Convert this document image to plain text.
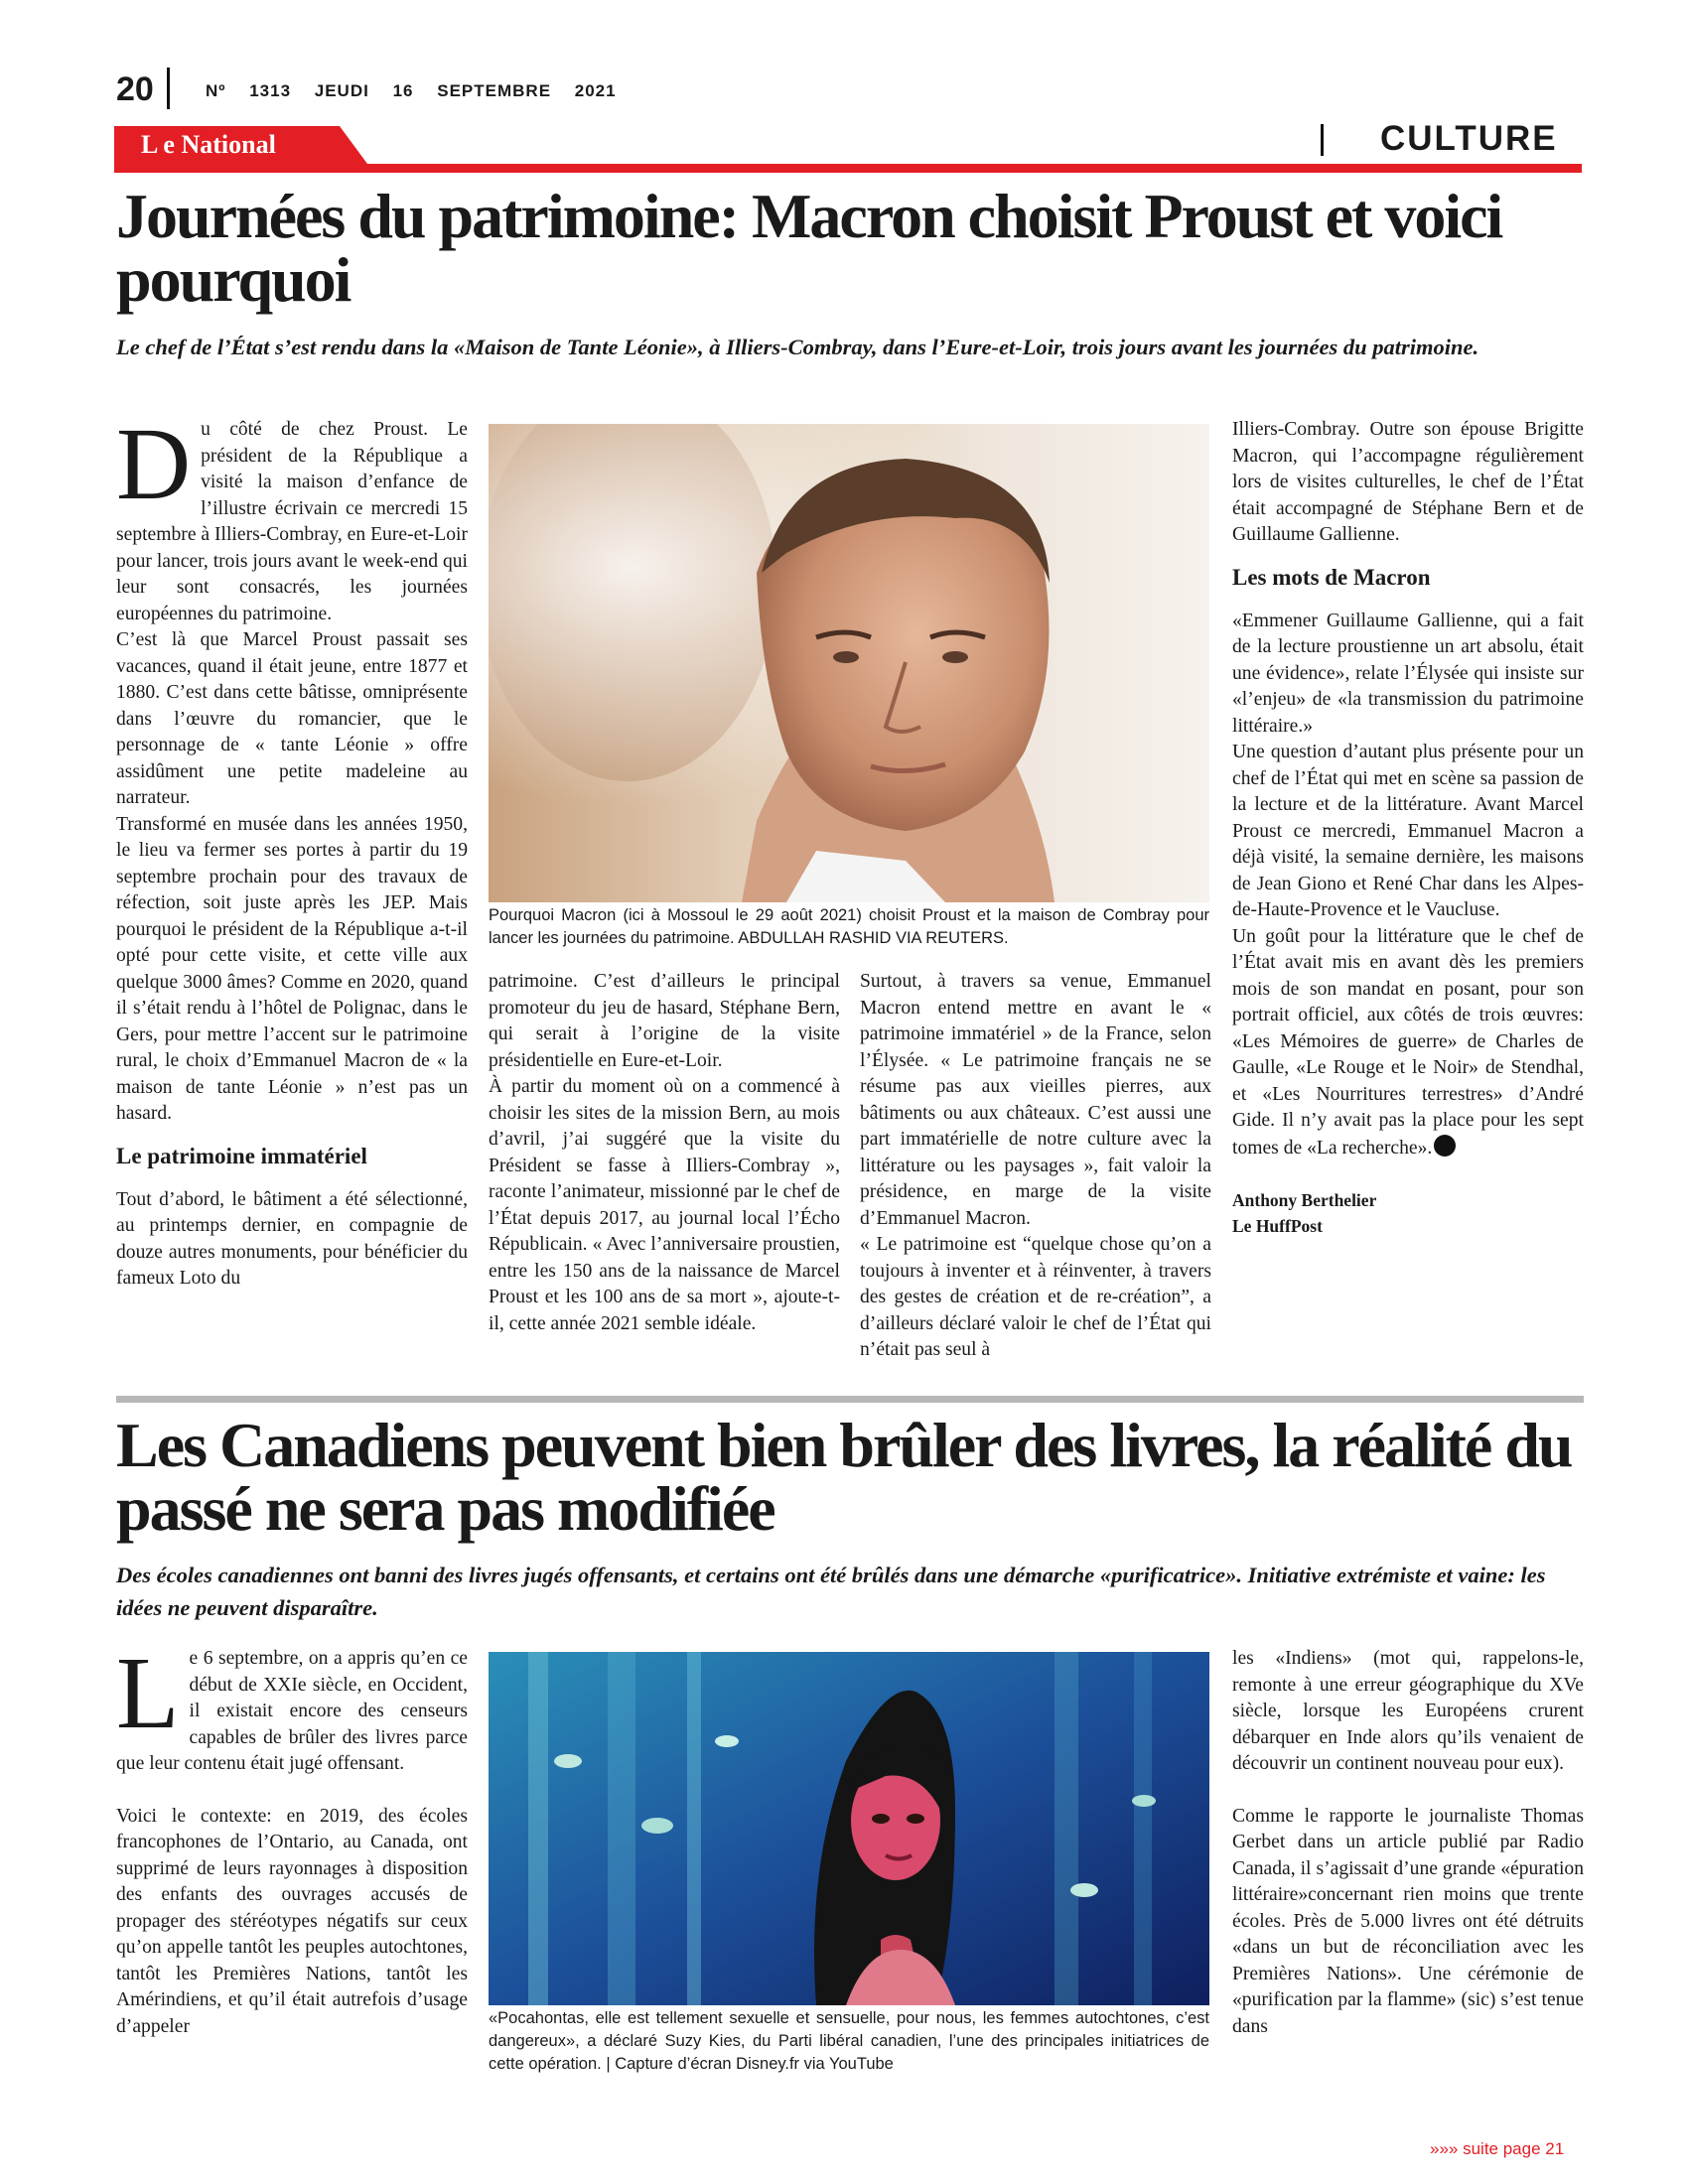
20	Nº 1313 JEUDI 16 SEPTEMBRE 2021
L e National	CULTURE
Journées du patrimoine: Macron choisit Proust et voici pourquoi
Le chef de l’État s’est rendu dans la «Maison de Tante Léonie», à Illiers-Combray, dans l’Eure-et-Loir, trois jours avant les journées du patrimoine.

Du côté de chez Proust. Le président de la République a visité la maison d’enfance de l’illustre écrivain ce mercredi 15 septembre à Illiers-Combray, en Eure-et-Loir pour lancer, trois jours avant le week-end qui leur sont consacrés, les journées européennes du patrimoine.

C’est là que Marcel Proust passait ses vacances, quand il était jeune, entre 1877 et 1880. C’est dans cette bâtisse, omniprésente dans l’œuvre du romancier, que le personnage de « tante Léonie » offre assidûment une petite madeleine au narrateur.

Transformé en musée dans les années 1950, le lieu va fermer ses portes à partir du 19 septembre prochain pour des travaux de réfection, soit juste après les JEP. Mais pourquoi le président de la République a-t-il opté pour cette visite, et cette ville aux quelque 3000 âmes? Comme en 2020, quand il s’était rendu à l’hôtel de Polignac, dans le Gers, pour mettre l’accent sur le patrimoine rural, le choix d’Emmanuel Macron de « la maison de tante Léonie » n’est pas un hasard.

Le patrimoine immatériel

Tout d’abord, le bâtiment a été sélectionné, au printemps dernier, en compagnie de douze autres monuments, pour bénéficier du fameux Loto du

Pourquoi Macron (ici à Mossoul le 29 août 2021) choisit Proust et la maison de Combray pour lancer les journées du patrimoine. ABDULLAH RASHID VIA REUTERS.

patrimoine. C’est d’ailleurs le principal promoteur du jeu de hasard, Stéphane Bern, qui serait à l’origine de la visite présidentielle en Eure-et-Loir.

À partir du moment où on a commencé à choisir les sites de la mission Bern, au mois d’avril, j’ai suggéré que la visite du Président se fasse à Illiers-Combray », raconte l’animateur, missionné par le chef de l’État depuis 2017, au journal local l’Écho Républicain. « Avec l’anniversaire proustien, entre les 150 ans de la naissance de Marcel Proust et les 100 ans de sa mort », ajoute-t-il, cette année 2021 semble idéale.

Surtout, à travers sa venue, Emmanuel Macron entend mettre en avant le « patrimoine immatériel » de la France, selon l’Élysée. « Le patrimoine français ne se résume pas aux vieilles pierres, aux bâtiments ou aux châteaux. C’est aussi une part immatérielle de notre culture avec la littérature ou les paysages », fait valoir la présidence, en marge de la visite d’Emmanuel Macron.

« Le patrimoine est “quelque chose qu’on a toujours à inventer et à réinventer, à travers des gestes de création et de re-création”, a d’ailleurs déclaré valoir le chef de l’État qui n’était pas seul à

Illiers-Combray. Outre son épouse Brigitte Macron, qui l’accompagne régulièrement lors de visites culturelles, le chef de l’État était accompagné de Stéphane Bern et de Guillaume Gallienne.

Les mots de Macron

«Emmener Guillaume Gallienne, qui a fait de la lecture proustienne un art absolu, était une évidence», relate l’Élysée qui insiste sur «l’enjeu» de «la transmission du patrimoine littéraire.»

Une question d’autant plus présente pour un chef de l’État qui met en scène sa passion de la lecture et de la littérature. Avant Marcel Proust ce mercredi, Emmanuel Macron a déjà visité, la semaine dernière, les maisons de Jean Giono et René Char dans les Alpes-de-Haute-Provence et le Vaucluse.

Un goût pour la littérature que le chef de l’État avait mis en avant dès les premiers mois de son mandat en posant, pour son portrait officiel, aux côtés de trois œuvres: «Les Mémoires de guerre» de Charles de Gaulle, «Le Rouge et le Noir» de Stendhal, et «Les Nourritures terrestres» d’André Gide. Il n’y avait pas la place pour les sept tomes de «La recherche».

Anthony Berthelier
Le HuffPost
Les Canadiens peuvent bien brûler des livres, la réalité du passé ne sera pas modifiée
Des écoles canadiennes ont banni des livres jugés offensants, et certains ont été brûlés dans une démarche «purificatrice». Initiative extrémiste et vaine: les idées ne peuvent disparaître.

Le 6 septembre, on a appris qu’en ce début de XXIe siècle, en Occident, il existait encore des censeurs capables de brûler des livres parce que leur contenu était jugé offensant.

Voici le contexte: en 2019, des écoles francophones de l’Ontario, au Canada, ont supprimé de leurs rayonnages à disposition des enfants des ouvrages accusés de propager des stéréotypes négatifs sur ceux qu’on appelle tantôt les peuples autochtones, tantôt les Premières Nations, tantôt les Amérindiens, et qu’il était autrefois d’usage d’appeler	«Pocahontas, elle est tellement sexuelle et sensuelle, pour nous, les femmes autochtones, c’est dangereux», a déclaré Suzy Kies, du Parti libéral canadien, l’une des principales initiatrices de cette opération. | Capture d’écran Disney.fr via YouTube

les «Indiens» (mot qui, rappelons-le, remonte à une erreur géographique du XVe siècle, lorsque les Européens crurent débarquer en Inde alors qu’ils venaient de découvrir un continent nouveau pour eux).

Comme le rapporte le journaliste Thomas Gerbet dans un article publié par Radio Canada, il s’agissait d’une grande «épuration littéraire»concernant rien moins que trente écoles. Près de 5.000 livres ont été détruits «dans un but de réconciliation avec les Premières Nations». Une cérémonie de «purification par la flamme» (sic) s’est tenue dans

»»» suite page 21
